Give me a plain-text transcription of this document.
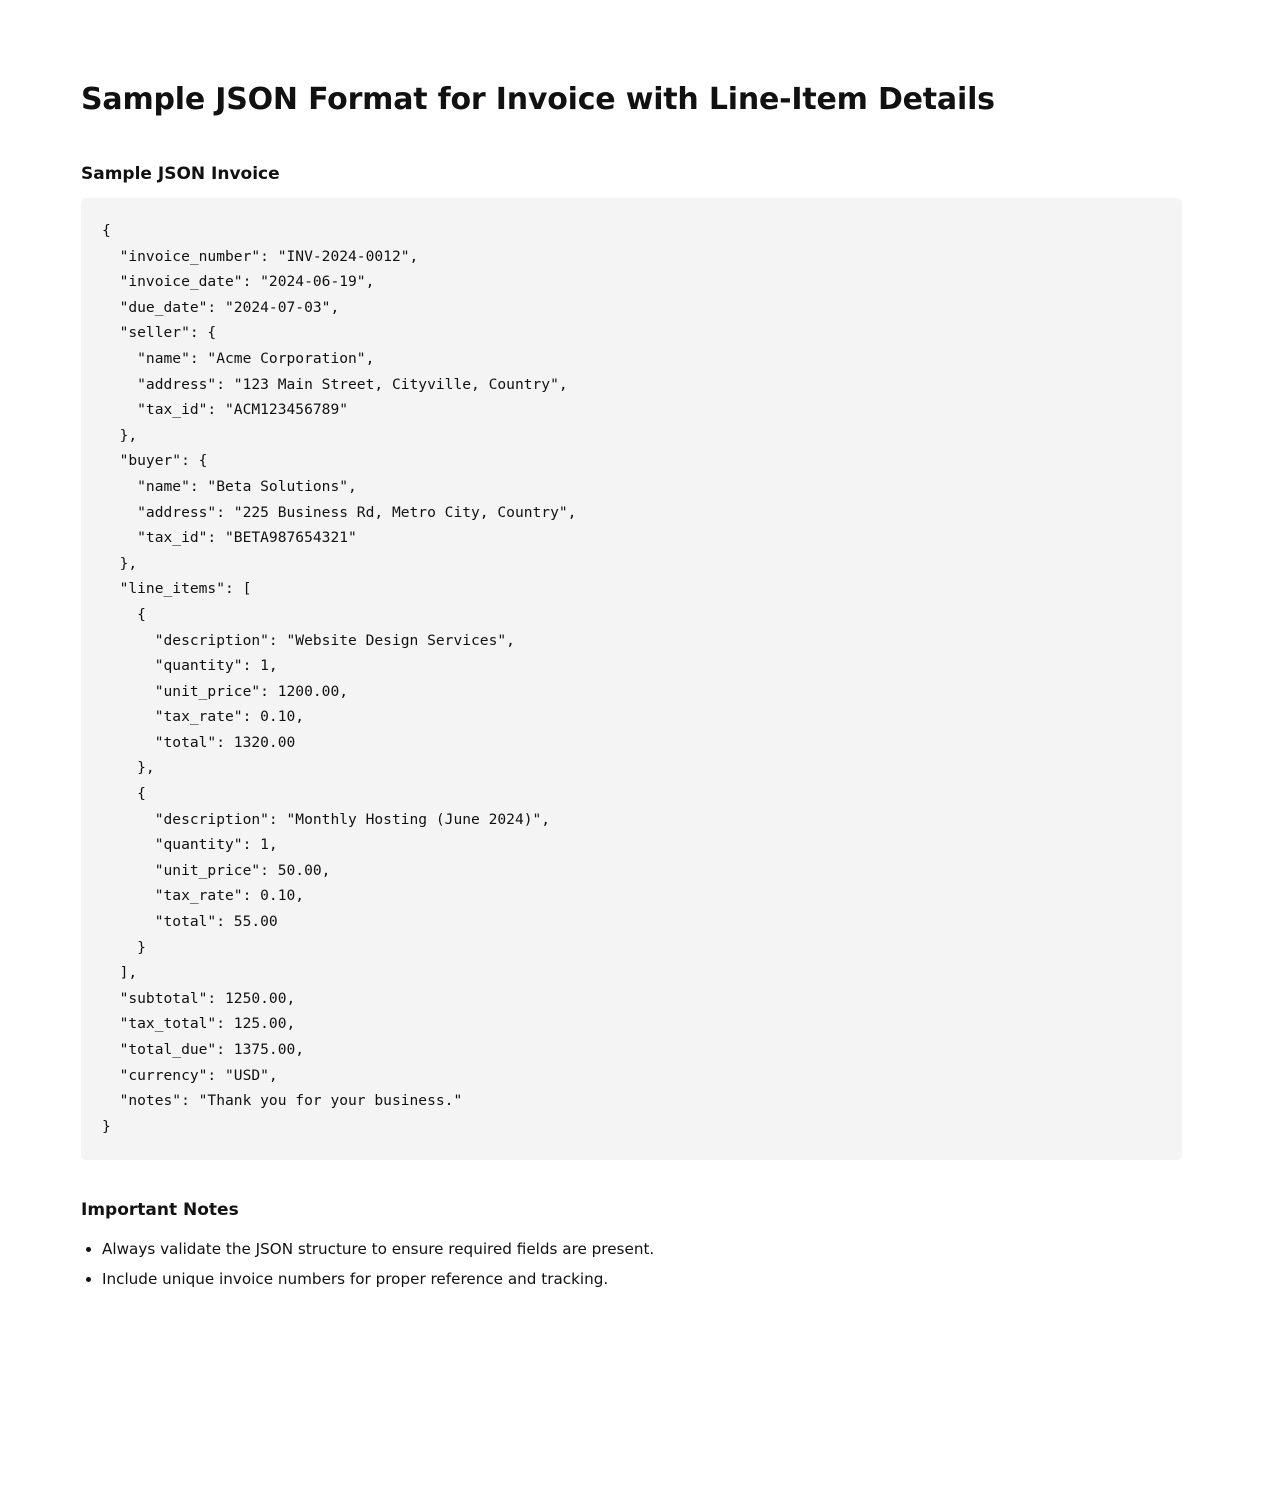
Sample JSON Format for Invoice with Line-Item Details
Sample JSON Invoice
{
"invoice_number": "INV-2024-0012",
"invoice_date": "2024-06-19",
"due_date": "2024-07-03",
"seller": {
"name": "Acme Corporation",
"address": "123 Main Street, Cityville, Country",
"tax_id": "ACM123456789"
},
"buyer": {
"name": "Beta Solutions",
"address": "225 Business Rd, Metro City, Country",
"tax_id": "BETA987654321"
},
"line_items": [
{
"description": "Website Design Services",
"quantity": 1,
"unit_price": 1200.00,
"tax_rate": 0.10,
"total": 1320.00
},
{
"description": "Monthly Hosting (June 2024)",
"quantity": 1,
"unit_price": 50.00,
"tax_rate": 0.10,
"total": 55.00
}
],
"subtotal": 1250.00,
"tax_total": 125.00,
"total_due": 1375.00,
"currency": "USD",
"notes": "Thank you for your business."
}
Important Notes
• Always validate the JSON structure to ensure required fields are present.
• Include unique invoice numbers for proper reference and tracking.
